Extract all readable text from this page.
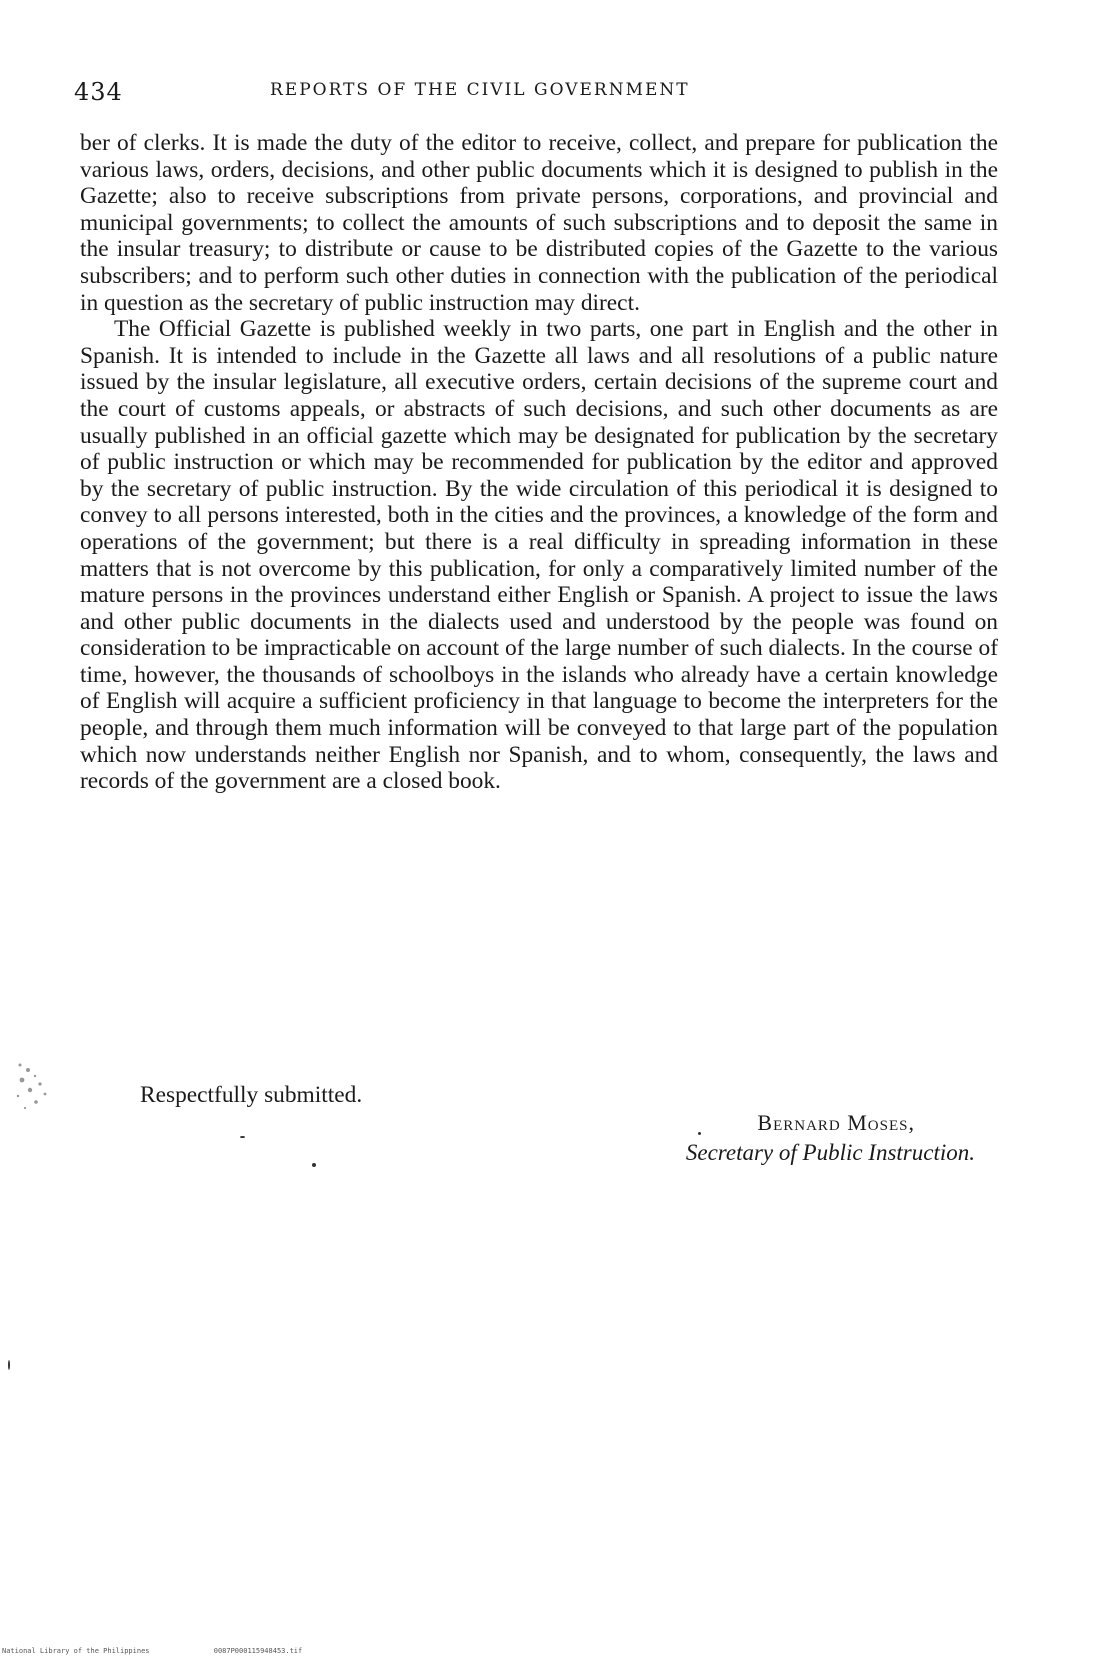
434	REPORTS OF THE CIVIL GOVERNMENT

ber of clerks. It is made the duty of the editor to receive, collect, and prepare for publication the various laws, orders, decisions, and other public documents which it is designed to publish in the Gazette; also to receive subscriptions from private persons, corporations, and provincial and municipal governments; to collect the amounts of such subscriptions and to deposit the same in the insular treasury; to distribute or cause to be distributed copies of the Gazette to the various subscribers; and to perform such other duties in connection with the publication of the periodical in question as the secretary of public instruction may direct.

The Official Gazette is published weekly in two parts, one part in English and the other in Spanish. It is intended to include in the Gazette all laws and all resolutions of a public nature issued by the insular legislature, all executive orders, certain decisions of the supreme court and the court of customs appeals, or abstracts of such decisions, and such other documents as are usually published in an official gazette which may be designated for publication by the secretary of public instruction or which may be recommended for publication by the editor and approved by the secretary of public instruction. By the wide circulation of this periodical it is designed to convey to all persons interested, both in the cities and the provinces, a knowledge of the form and operations of the government; but there is a real difficulty in spreading information in these matters that is not overcome by this publication, for only a comparatively limited number of the mature persons in the provinces understand either English or Spanish. A project to issue the laws and other public documents in the dialects used and understood by the people was found on consideration to be impracticable on account of the large number of such dialects. In the course of time, however, the thousands of schoolboys in the islands who already have a certain knowledge of English will acquire a sufficient proficiency in that language to become the interpreters for the people, and through them much information will be conveyed to that large part of the population which now understands neither English nor Spanish, and to whom, consequently, the laws and records of the government are a closed book.

Respectfully submitted.
Bernard Moses,
Secretary of Public Instruction.
National Library of the Philippines	0087P000115948453.tif
